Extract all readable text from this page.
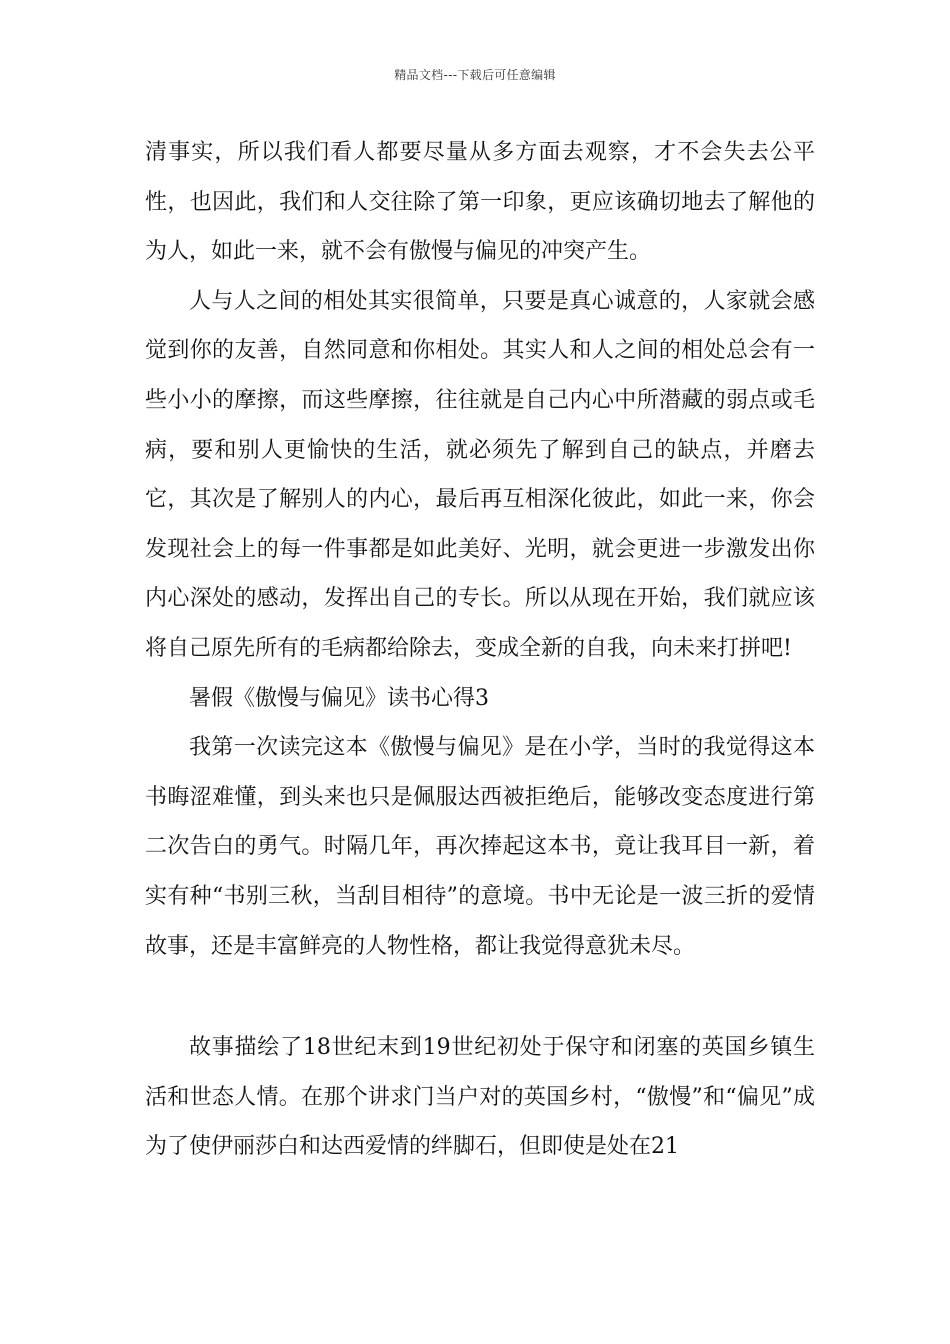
精品文档---下载后可任意编辑

清事实，所以我们看人都要尽量从多方面去观察，才不会失去公平性，也因此，我们和人交往除了第一印象，更应该确切地去了解他的为人，如此一来，就不会有傲慢与偏见的冲突产生。

人与人之间的相处其实很简单，只要是真心诚意的，人家就会感觉到你的友善，自然同意和你相处。其实人和人之间的相处总会有一些小小的摩擦，而这些摩擦，往往就是自己内心中所潜藏的弱点或毛病，要和别人更愉快的生活，就必须先了解到自己的缺点，并磨去它，其次是了解别人的内心，最后再互相深化彼此，如此一来，你会发现社会上的每一件事都是如此美好、光明，就会更进一步激发出你内心深处的感动，发挥出自己的专长。所以从现在开始，我们就应该将自己原先所有的毛病都给除去，变成全新的自我，向未来打拼吧!

暑假《傲慢与偏见》读书心得3

我第一次读完这本《傲慢与偏见》是在小学，当时的我觉得这本书晦涩难懂，到头来也只是佩服达西被拒绝后，能够改变态度进行第二次告白的勇气。时隔几年，再次捧起这本书，竟让我耳目一新，着实有种“书别三秋，当刮目相待”的意境。书中无论是一波三折的爱情故事，还是丰富鲜亮的人物性格，都让我觉得意犹未尽。

故事描绘了18世纪末到19世纪初处于保守和闭塞的英国乡镇生活和世态人情。在那个讲求门当户对的英国乡村，“傲慢”和“偏见”成为了使伊丽莎白和达西爱情的绊脚石，但即使是处在21
